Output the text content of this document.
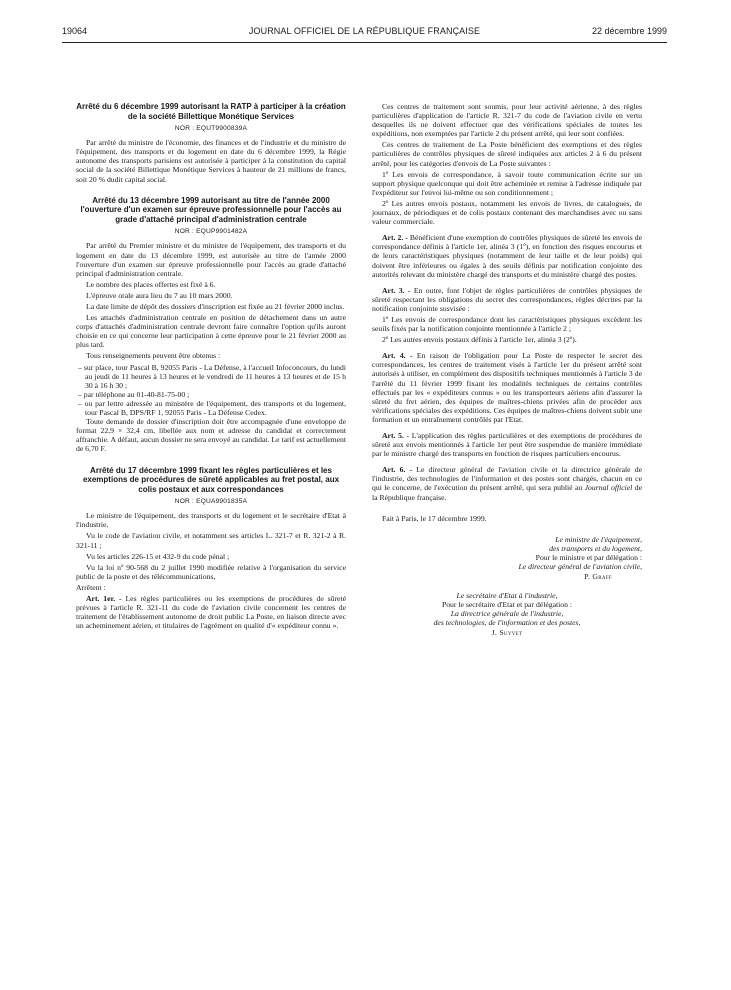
19064	JOURNAL OFFICIEL DE LA RÉPUBLIQUE FRANÇAISE	22 décembre 1999
Arrêté du 6 décembre 1999 autorisant la RATP à participer à la création de la société Billettique Monétique Services
NOR : EQUT9900839A

Par arrêté du ministre de l'économie, des finances et de l'industrie et du ministre de l'équipement, des transports et du logement en date du 6 décembre 1999, la Régie autonome des transports parisiens est autorisée à participer à la constitution du capital social de la société Billettique Monétique Services à hauteur de 21 millions de francs, soit 20 % dudit capital social.

Arrêté du 13 décembre 1999 autorisant au titre de l'année 2000 l'ouverture d'un examen sur épreuve professionnelle pour l'accès au grade d'attaché principal d'administration centrale
NOR : EQUP9901482A

Par arrêté du Premier ministre et du ministre de l'équipement, des transports et du logement en date du 13 décembre 1999, est autorisée au titre de l'année 2000 l'ouverture d'un examen sur épreuve professionnelle pour l'accès au grade d'attaché principal d'administration centrale.

Le nombre des places offertes est fixé à 6.

L'épreuve orale aura lieu du 7 au 10 mars 2000.

La date limite de dépôt des dossiers d'inscription est fixée au 21 février 2000 inclus.

Les attachés d'administration centrale en position de détachement dans un autre corps d'attachés d'administration centrale devront faire connaître l'option qu'ils auront choisie en ce qui concerne leur participation à cette épreuve pour le 21 février 2000 au plus tard.

Tous renseignements peuvent être obtenus :

– sur place, tour Pascal B, 92055 Paris - La Défense, à l'accueil Infoconcours, du lundi au jeudi de 11 heures à 13 heures et le vendredi de 11 heures à 13 heures et de 15 h 30 à 16 h 30 ;
– par téléphone au 01-40-81-75-00 ;
– ou par lettre adressée au ministère de l'équipement, des transports et du logement, tour Pascal B, DPS/RF 1, 92055 Paris - La Défense Cedex.

Toute demande de dossier d'inscription doit être accompagnée d'une enveloppe de format 22,9 × 32,4 cm, libellée aux nom et adresse du candidat et correctement affranchie. A défaut, aucun dossier ne sera envoyé au candidat. Le tarif est actuellement de 6,70 F.

Arrêté du 17 décembre 1999 fixant les règles particulières et les exemptions de procédures de sûreté applicables au fret postal, aux colis postaux et aux correspondances
NOR : EQUA9901835A

Le ministre de l'équipement, des transports et du logement et le secrétaire d'Etat à l'industrie,

Vu le code de l'aviation civile, et notamment ses articles L. 321-7 et R. 321-2 à R. 321-11 ;

Vu les articles 226-15 et 432-9 du code pénal ;

Vu la loi nº 90-568 du 2 juillet 1990 modifiée relative à l'organisation du service public de la poste et des télécommunications,

Arrêtent :

Art. 1er. - Les règles particulières ou les exemptions de procédures de sûreté prévues à l'article R. 321-11 du code de l'aviation civile concernent les centres de traitement de l'établissement autonome de droit public La Poste, en liaison directe avec un acheminement aérien, et titulaires de l'agrément en qualité d'« expéditeur connu ».

Ces centres de traitement sont soumis, pour leur activité aérienne, à des règles particulières d'application de l'article R. 321-7 du code de l'aviation civile en vertu desquelles ils ne doivent effectuer que des vérifications spéciales de toutes les expéditions, non exemptées par l'article 2 du présent arrêté, qui leur sont confiées.

Ces centres de traitement de La Poste bénéficient des exemptions et des règles particulières de contrôles physiques de sûreté indiquées aux articles 2 à 6 du présent arrêté, pour les catégories d'envois de La Poste suivantes :

1º Les envois de correspondance, à savoir toute communication écrite sur un support physique quelconque qui doit être acheminée et remise à l'adresse indiquée par l'expéditeur sur l'envoi lui-même ou son conditionnement ;

2º Les autres envois postaux, notamment les envois de livres, de catalogues, de journaux, de périodiques et de colis postaux contenant des marchandises avec ou sans valeur commerciale.

Art. 2. - Bénéficient d'une exemption de contrôles physiques de sûreté les envois de correspondance définis à l'article 1er, alinéa 3 (1º), en fonction des risques encourus et de leurs caractéristiques physiques (notamment de leur taille et de leur poids) qui doivent être inférieures ou égales à des seuils définis par notification conjointe des autorités relevant du ministère chargé des transports et du ministère chargé des postes.

Art. 3. - En outre, font l'objet de règles particulières de contrôles physiques de sûreté respectant les obligations du secret des correspondances, règles décrites par la notification conjointe susvisée :

1º Les envois de correspondance dont les caractéristiques physiques excèdent les seuils fixés par la notification conjointe mentionnée à l'article 2 ;

2º Les autres envois postaux définis à l'article 1er, alinéa 3 (2º).

Art. 4. - En raison de l'obligation pour La Poste de respecter le secret des correspondances, les centres de traitement visés à l'article 1er du présent arrêté sont autorisés à utiliser, en complément des dispositifs techniques mentionnés à l'article 3 de l'arrêté du 11 février 1999 fixant les modalités techniques de certains contrôles effectués par les « expéditeurs connus » ou les transporteurs aériens afin d'assurer la sûreté du fret aérien, des équipes de maîtres-chiens privées afin de procéder aux vérifications spéciales des expéditions. Ces équipes de maîtres-chiens doivent subir une formation et un entraînement contrôlés par l'Etat.

Art. 5. - L'application des règles particulières et des exemptions de procédures de sûreté aux envois mentionnés à l'article 1er peut être suspendue de manière immédiate par le ministre chargé des transports en fonction de risques particuliers encourus.

Art. 6. - Le directeur général de l'aviation civile et la directrice générale de l'industrie, des technologies de l'information et des postes sont chargés, chacun en ce qui le concerne, de l'exécution du présent arrêté, qui sera publié au Journal officiel de la République française.

Fait à Paris, le 17 décembre 1999.

Le ministre de l'équipement,
des transports et du logement,
Pour le ministre et par délégation :
Le directeur général de l'aviation civile,
P. Graff
Le secrétaire d'Etat à l'industrie,
Pour le secrétaire d'Etat et par délégation :
La directrice générale de l'industrie,
des technologies, de l'information et des postes,
J. Suyvet
